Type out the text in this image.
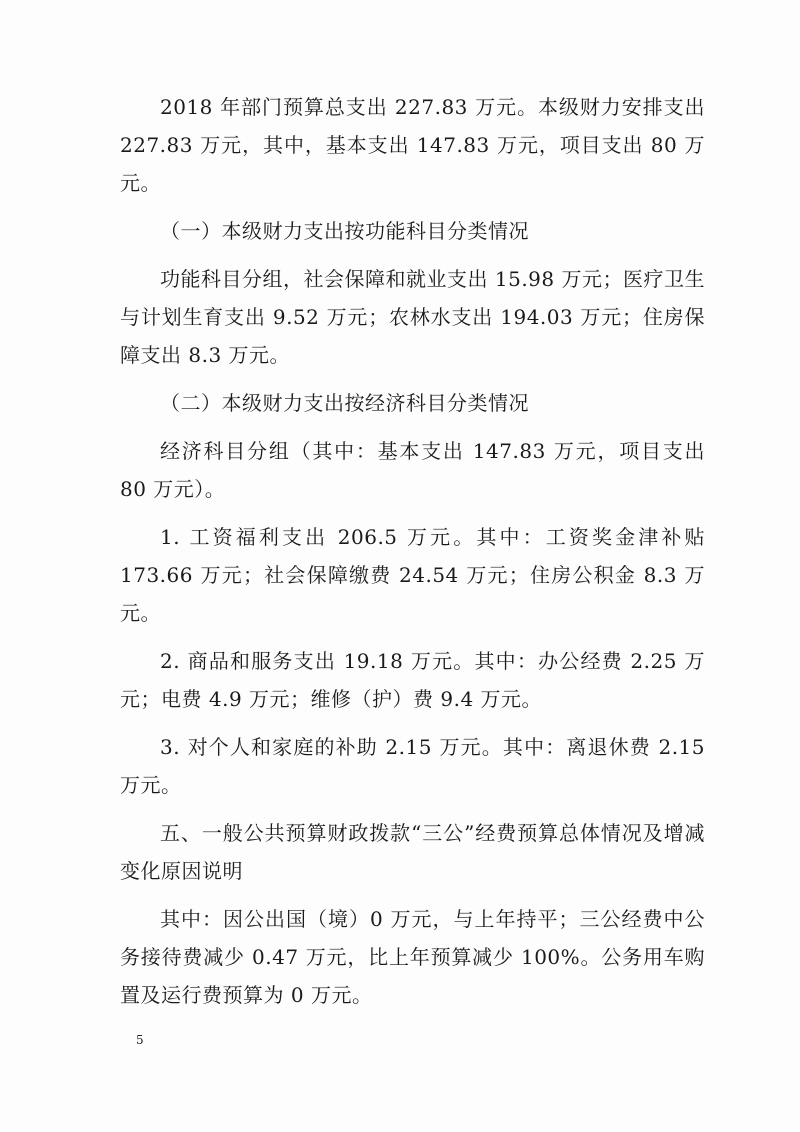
2018 年部门预算总支出 227.83 万元。本级财力安排支出 227.83 万元，其中，基本支出 147.83 万元，项目支出 80 万元。

（一）本级财力支出按功能科目分类情况

功能科目分组，社会保障和就业支出 15.98 万元；医疗卫生与计划生育支出 9.52 万元；农林水支出 194.03 万元；住房保障支出 8.3 万元。

（二）本级财力支出按经济科目分类情况

经济科目分组（其中：基本支出 147.83 万元，项目支出 80 万元）。

1. 工资福利支出 206.5 万元。其中：工资奖金津补贴 173.66 万元；社会保障缴费 24.54 万元；住房公积金 8.3 万元。

2. 商品和服务支出 19.18 万元。其中：办公经费 2.25 万元；电费 4.9 万元；维修（护）费 9.4 万元。

3. 对个人和家庭的补助 2.15 万元。其中：离退休费 2.15 万元。

五、一般公共预算财政拨款“三公”经费预算总体情况及增减变化原因说明

其中：因公出国（境）0 万元，与上年持平；三公经费中公务接待费减少 0.47 万元，比上年预算减少 100%。公务用车购置及运行费预算为 0 万元。

5
